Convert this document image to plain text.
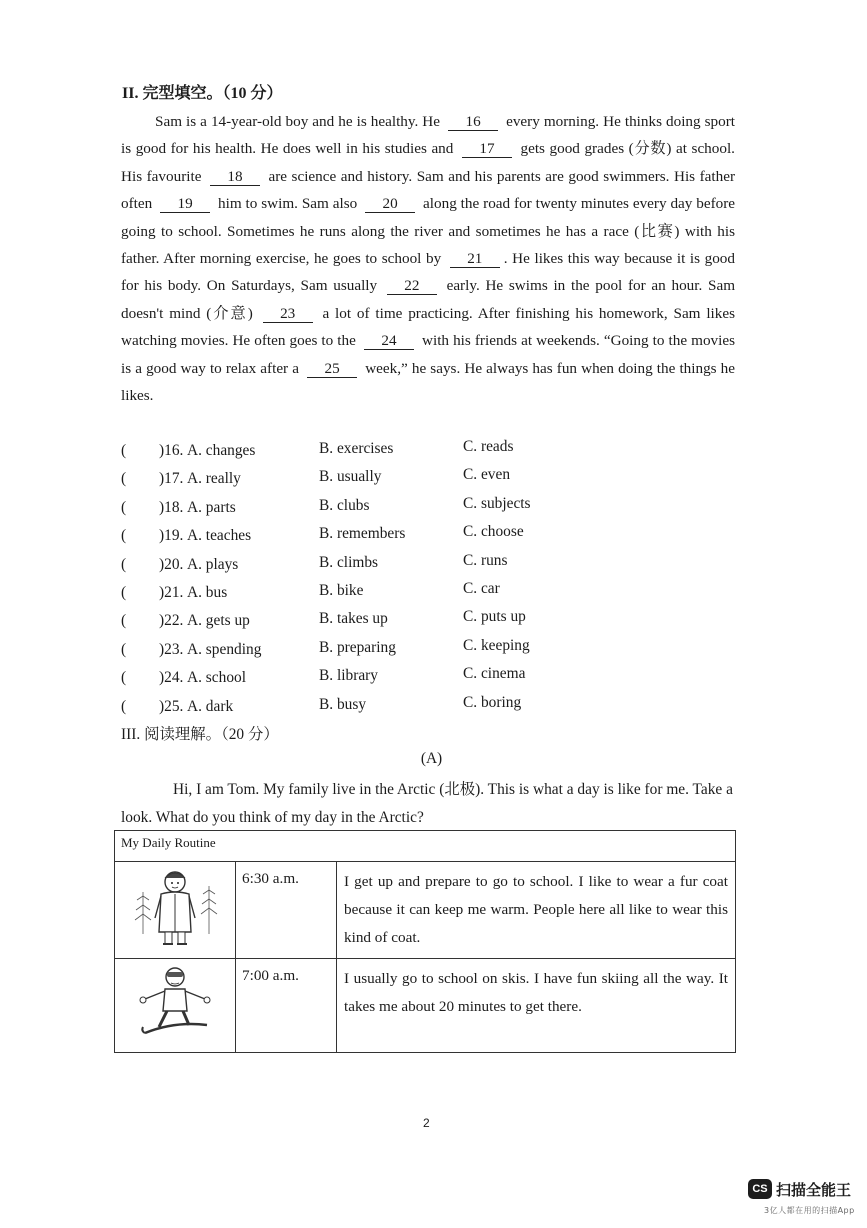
II. 完型填空。（10 分）
Sam is a 14-year-old boy and he is healthy. He 16 every morning. He thinks doing sport is good for his health. He does well in his studies and 17 gets good grades (分数) at school. His favourite 18 are science and history. Sam and his parents are good swimmers. His father often 19 him to swim. Sam also 20 along the road for twenty minutes every day before going to school. Sometimes he runs along the river and sometimes he has a race (比赛) with his father. After morning exercise, he goes to school by 21 . He likes this way because it is good for his body. On Saturdays, Sam usually 22 early. He swims in the pool for an hour. Sam doesn't mind (介意) 23 a lot of time practicing. After finishing his homework, Sam likes watching movies. He often goes to the 24 with his friends at weekends. “Going to the movies is a good way to relax after a 25 week,” he says. He always has fun when doing the things he likes.
( )16. A. changes	B. exercises	C. reads
( )17. A. really	B. usually	C. even
( )18. A. parts	B. clubs	C. subjects
( )19. A. teaches	B. remembers	C. choose
( )20. A. plays	B. climbs	C. runs
( )21. A. bus	B. bike	C. car
( )22. A. gets up	B. takes up	C. puts up
( )23. A. spending	B. preparing	C. keeping
( )24. A. school	B. library	C. cinema
( )25. A. dark	B. busy	C. boring
III. 阅读理解。（20 分）
(A)
Hi, I am Tom. My family live in the Arctic (北极). This is what a day is like for me. Take a look. What do you think of my day in the Arctic?
My Daily Routine		
	6:30 a.m.	I get up and prepare to go to school. I like to wear a fur coat because it can keep me warm. People here all like to wear this kind of coat.
	7:00 a.m.	I usually go to school on skis. I have fun skiing all the way. It takes me about 20 minutes to get there.
2
CS 扫描全能王
3亿人都在用的扫描App
